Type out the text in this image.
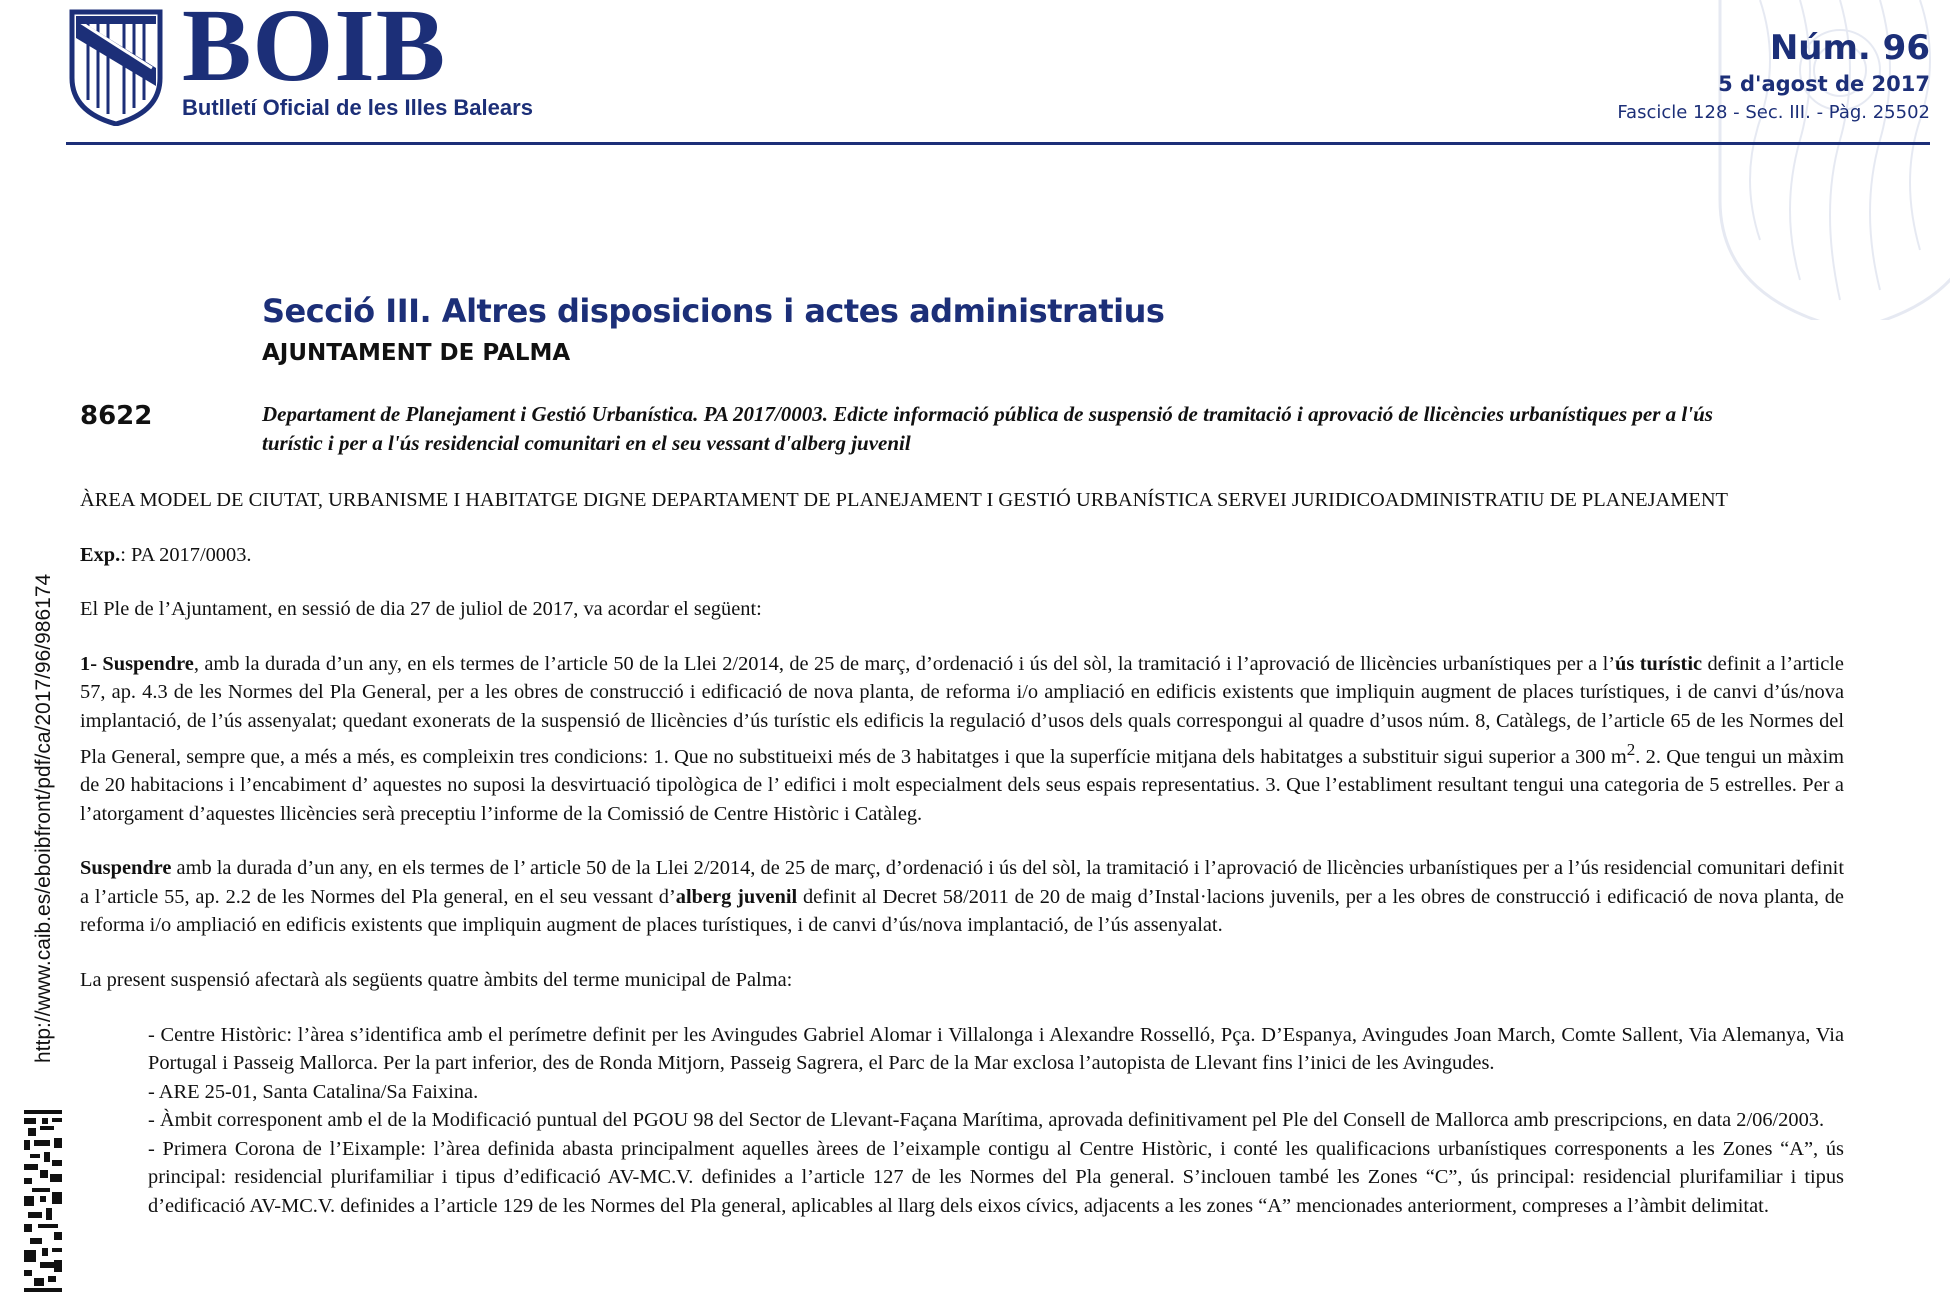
BOIB
Butlletí Oficial de les Illes Balears
Núm. 96
5 d'agost de 2017
Fascicle 128 - Sec. III. - Pàg. 25502
http://www.caib.es/eboibfront/pdf/ca/2017/96/986174
Secció III. Altres disposicions i actes administratius
AJUNTAMENT DE PALMA
8622	Departament de Planejament i Gestió Urbanística. PA 2017/0003. Edicte informació pública de suspensió de tramitació i aprovació de llicències urbanístiques per a l'ús turístic i per a l'ús residencial comunitari en el seu vessant d'alberg juvenil

ÀREA MODEL DE CIUTAT, URBANISME I HABITATGE DIGNE DEPARTAMENT DE PLANEJAMENT I GESTIÓ URBANÍSTICA SERVEI JURIDICOADMINISTRATIU DE PLANEJAMENT

Exp.: PA 2017/0003.

El Ple de l’Ajuntament, en sessió de dia 27 de juliol de 2017, va acordar el següent:

1- Suspendre, amb la durada d’un any, en els termes de l’article 50 de la Llei 2/2014, de 25 de març, d’ordenació i ús del sòl, la tramitació i l’aprovació de llicències urbanístiques per a l’ús turístic definit a l’article 57, ap. 4.3 de les Normes del Pla General, per a les obres de construcció i edificació de nova planta, de reforma i/o ampliació en edificis existents que impliquin augment de places turístiques, i de canvi d’ús/nova implantació, de l’ús assenyalat; quedant exonerats de la suspensió de llicències d’ús turístic els edificis la regulació d’usos dels quals correspongui al quadre d’usos núm. 8, Catàlegs, de l’article 65 de les Normes del Pla General, sempre que, a més a més, es compleixin tres condicions: 1. Que no substitueixi més de 3 habitatges i que la superfície mitjana dels habitatges a substituir sigui superior a 300 $m^2$. 2. Que tengui un màxim de 20 habitacions i l’encabiment d’ aquestes no suposi la desvirtuació tipològica de l’ edifici i molt especialment dels seus espais representatius. 3. Que l’establiment resultant tengui una categoria de 5 estrelles. Per a l’atorgament d’aquestes llicències serà preceptiu l’informe de la Comissió de Centre Històric i Catàleg.

Suspendre amb la durada d’un any, en els termes de l’ article 50 de la Llei 2/2014, de 25 de març, d’ordenació i ús del sòl, la tramitació i l’aprovació de llicències urbanístiques per a l’ús residencial comunitari definit a l’article 55, ap. 2.2 de les Normes del Pla general, en el seu vessant d’alberg juvenil definit al Decret 58/2011 de 20 de maig d’Instal·lacions juvenils, per a les obres de construcció i edificació de nova planta, de reforma i/o ampliació en edificis existents que impliquin augment de places turístiques, i de canvi d’ús/nova implantació, de l’ús assenyalat.

La present suspensió afectarà als següents quatre àmbits del terme municipal de Palma:

- Centre Històric: l’àrea s’identifica amb el perímetre definit per les Avingudes Gabriel Alomar i Villalonga i Alexandre Rosselló, Pça. D’Espanya, Avingudes Joan March, Comte Sallent, Via Alemanya, Via Portugal i Passeig Mallorca. Per la part inferior, des de Ronda Mitjorn, Passeig Sagrera, el Parc de la Mar exclosa l’autopista de Llevant fins l’inici de les Avingudes.
- ARE 25-01, Santa Catalina/Sa Faixina.
- Àmbit corresponent amb el de la Modificació puntual del PGOU 98 del Sector de Llevant-Façana Marítima, aprovada definitivament pel Ple del Consell de Mallorca amb prescripcions, en data 2/06/2003.
- Primera Corona de l’Eixample: l’àrea definida abasta principalment aquelles àrees de l’eixample contigu al Centre Històric, i conté les qualificacions urbanístiques corresponents a les Zones “A”, ús principal: residencial plurifamiliar i tipus d’edificació AV-MC.V. definides a l’article 127 de les Normes del Pla general. S’inclouen també les Zones “C”, ús principal: residencial plurifamiliar i tipus d’edificació AV-MC.V. definides a l’article 129 de les Normes del Pla general, aplicables al llarg dels eixos cívics, adjacents a les zones “A” mencionades anteriorment, compreses a l’àmbit delimitat.
